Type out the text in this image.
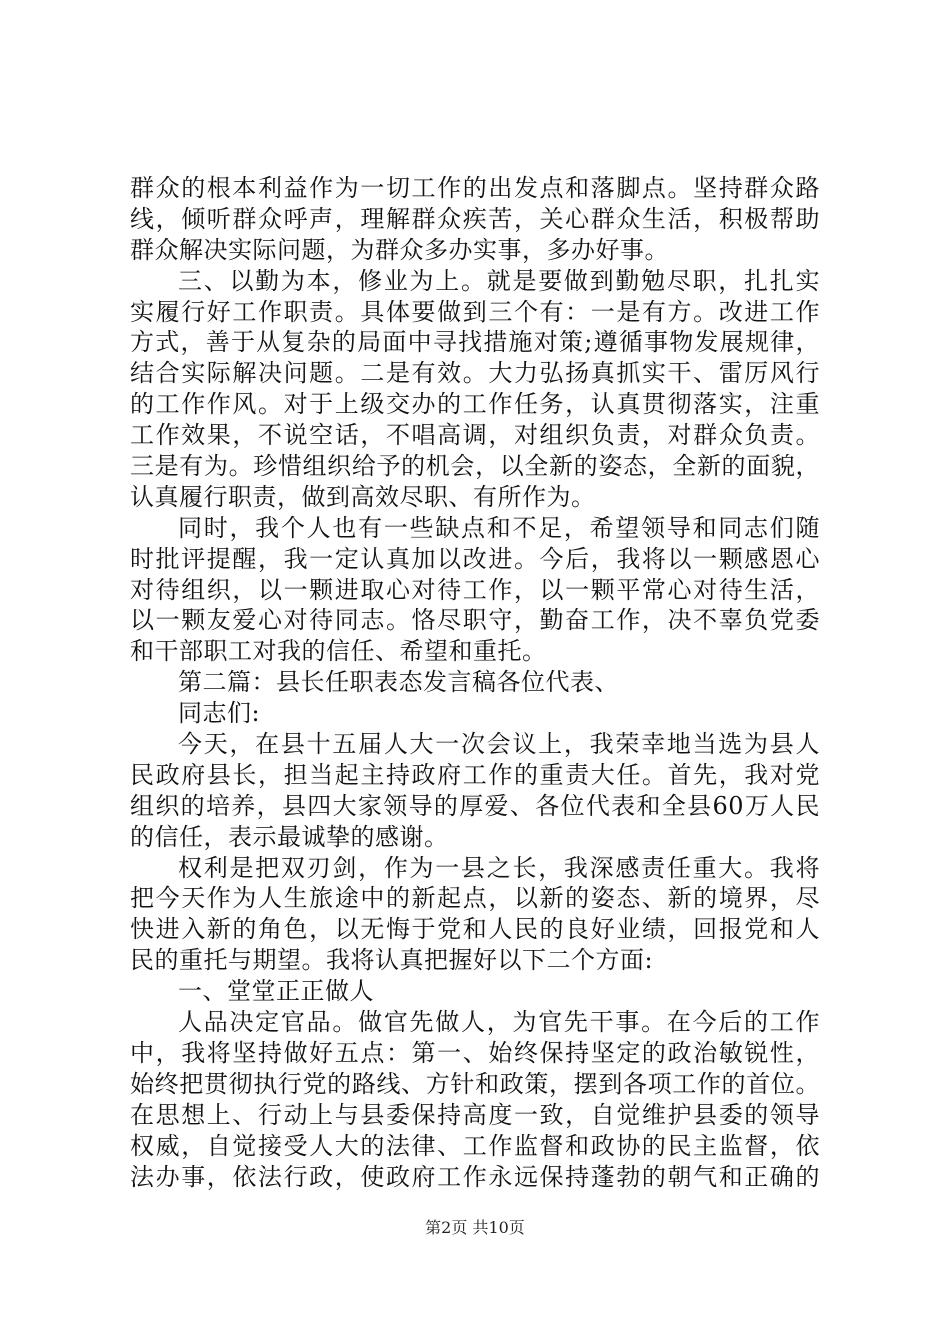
群众的根本利益作为一切工作的出发点和落脚点。坚持群众路
线，倾听群众呼声，理解群众疾苦，关心群众生活，积极帮助
群众解决实际问题，为群众多办实事，多办好事。
三、以勤为本，修业为上。就是要做到勤勉尽职，扎扎实
实履行好工作职责。具体要做到三个有：一是有方。改进工作
方式，善于从复杂的局面中寻找措施对策;遵循事物发展规律，
结合实际解决问题。二是有效。大力弘扬真抓实干、雷厉风行
的工作作风。对于上级交办的工作任务，认真贯彻落实，注重
工作效果，不说空话，不唱高调，对组织负责，对群众负责。
三是有为。珍惜组织给予的机会，以全新的姿态，全新的面貌，
认真履行职责，做到高效尽职、有所作为。
同时，我个人也有一些缺点和不足，希望领导和同志们随
时批评提醒，我一定认真加以改进。今后，我将以一颗感恩心
对待组织，以一颗进取心对待工作，以一颗平常心对待生活，
以一颗友爱心对待同志。恪尽职守，勤奋工作，决不辜负党委
和干部职工对我的信任、希望和重托。
第二篇：县长任职表态发言稿各位代表、
同志们:
今天，在县十五届人大一次会议上，我荣幸地当选为县人
民政府县长，担当起主持政府工作的重责大任。首先，我对党
组织的培养，县四大家领导的厚爱、各位代表和全县60万人民
的信任，表示最诚挚的感谢。
权利是把双刃剑，作为一县之长，我深感责任重大。我将
把今天作为人生旅途中的新起点，以新的姿态、新的境界，尽
快进入新的角色，以无悔于党和人民的良好业绩，回报党和人
民的重托与期望。我将认真把握好以下二个方面:
一、堂堂正正做人
人品决定官品。做官先做人，为官先干事。在今后的工作
中，我将坚持做好五点：第一、始终保持坚定的政治敏锐性，
始终把贯彻执行党的路线、方针和政策，摆到各项工作的首位。
在思想上、行动上与县委保持高度一致，自觉维护县委的领导
权威，自觉接受人大的法律、工作监督和政协的民主监督，依
法办事，依法行政，使政府工作永远保持蓬勃的朝气和正确的
第2页 共10页
